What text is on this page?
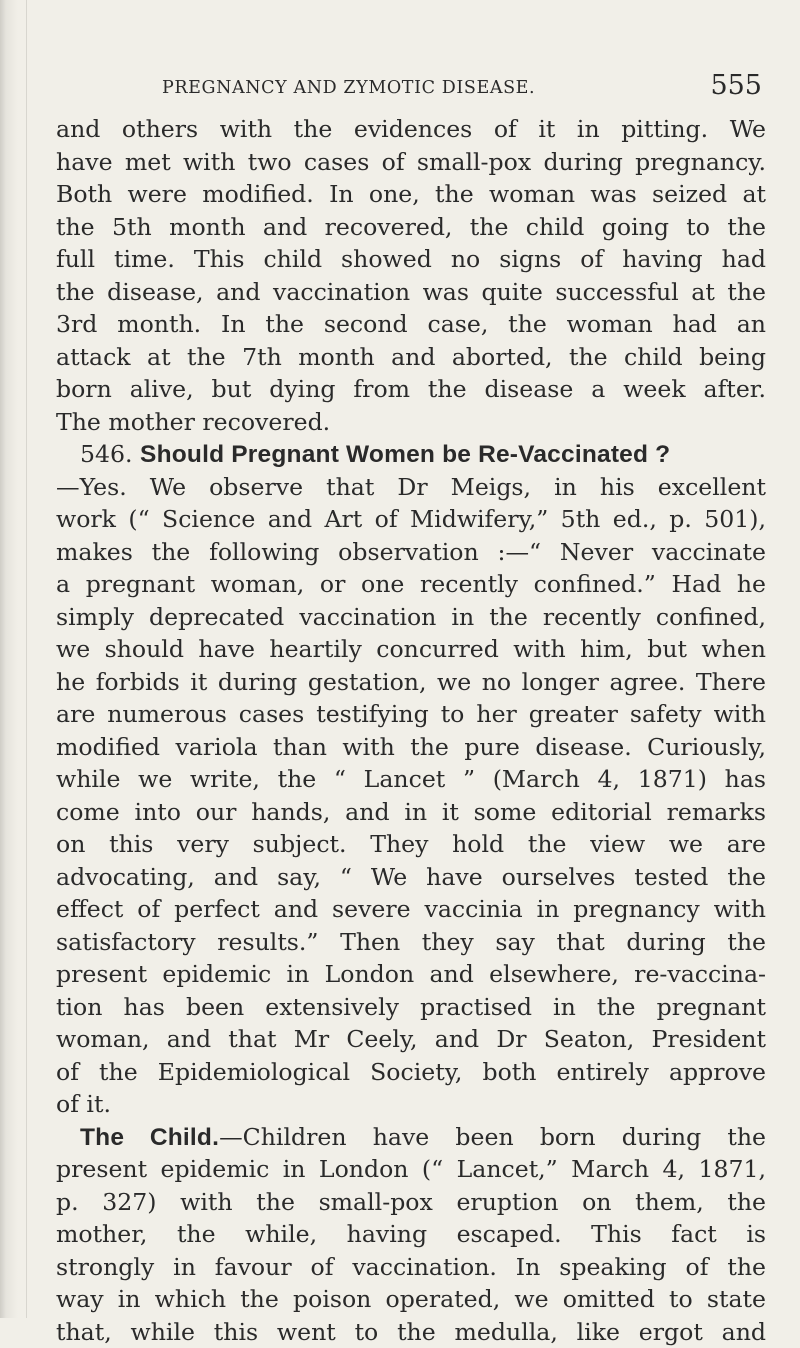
PREGNANCY AND ZYMOTIC DISEASE.	555
and others with the evidences of it in pitting. We
have met with two cases of small-pox during pregnancy.
Both were modified. In one, the woman was seized at
the 5th month and recovered, the child going to the
full time. This child showed no signs of having had
the disease, and vaccination was quite successful at the
3rd month. In the second case, the woman had an
attack at the 7th month and aborted, the child being
born alive, but dying from the disease a week after.
The mother recovered.
546. Should Pregnant Women be Re-Vaccinated ?
—Yes. We observe that Dr Meigs, in his excellent
work (“ Science and Art of Midwifery,” 5th ed., p. 501),
makes the following observation :—“ Never vaccinate
a pregnant woman, or one recently confined.” Had he
simply deprecated vaccination in the recently confined,
we should have heartily concurred with him, but when
he forbids it during gestation, we no longer agree. There
are numerous cases testifying to her greater safety with
modified variola than with the pure disease. Curiously,
while we write, the “ Lancet ” (March 4, 1871) has
come into our hands, and in it some editorial remarks
on this very subject. They hold the view we are
advocating, and say, “ We have ourselves tested the
effect of perfect and severe vaccinia in pregnancy with
satisfactory results.” Then they say that during the
present epidemic in London and elsewhere, re-vaccina-
tion has been extensively practised in the pregnant
woman, and that Mr Ceely, and Dr Seaton, President
of the Epidemiological Society, both entirely approve
of it.
The Child.—Children have been born during the
present epidemic in London (“ Lancet,” March 4, 1871,
p. 327) with the small-pox eruption on them, the
mother, the while, having escaped. This fact is
strongly in favour of vaccination. In speaking of the
way in which the poison operated, we omitted to state
that, while this went to the medulla, like ergot and
